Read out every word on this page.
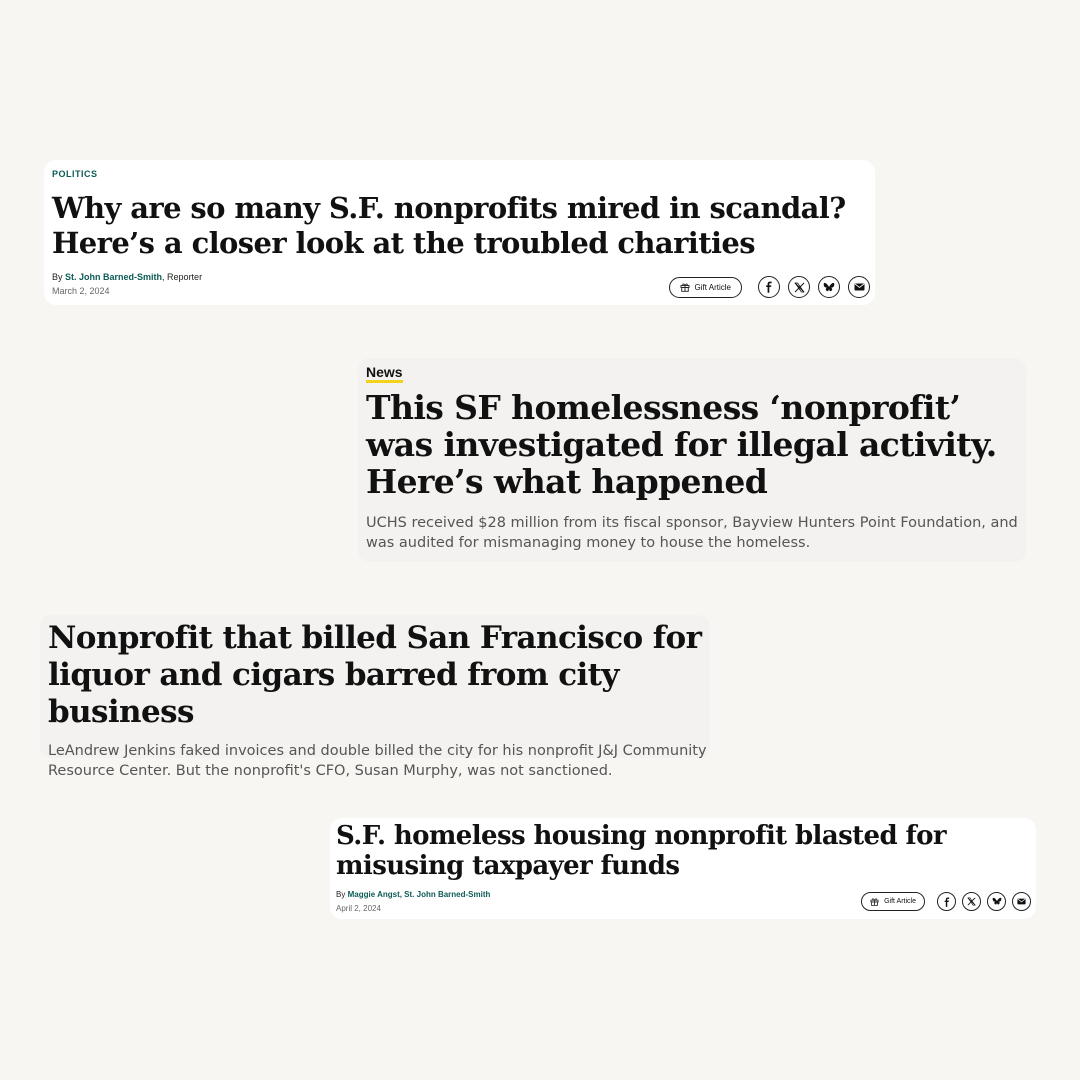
POLITICS
Why are so many S.F. nonprofits mired in scandal? Here’s a closer look at the troubled charities
By St. John Barned-Smith, Reporter
March 2, 2024	Gift Article
News
This SF homelessness ‘nonprofit’ was investigated for illegal activity. Here’s what happened
UCHS received $28 million from its fiscal sponsor, Bayview Hunters Point Foundation, and was audited for mismanaging money to house the homeless.
Nonprofit that billed San Francisco for liquor and cigars barred from city business
LeAndrew Jenkins faked invoices and double billed the city for his nonprofit J&J Community Resource Center. But the nonprofit's CFO, Susan Murphy, was not sanctioned.
S.F. homeless housing nonprofit blasted for misusing taxpayer funds
By Maggie Angst, St. John Barned-Smith
April 2, 2024
Gift Article
